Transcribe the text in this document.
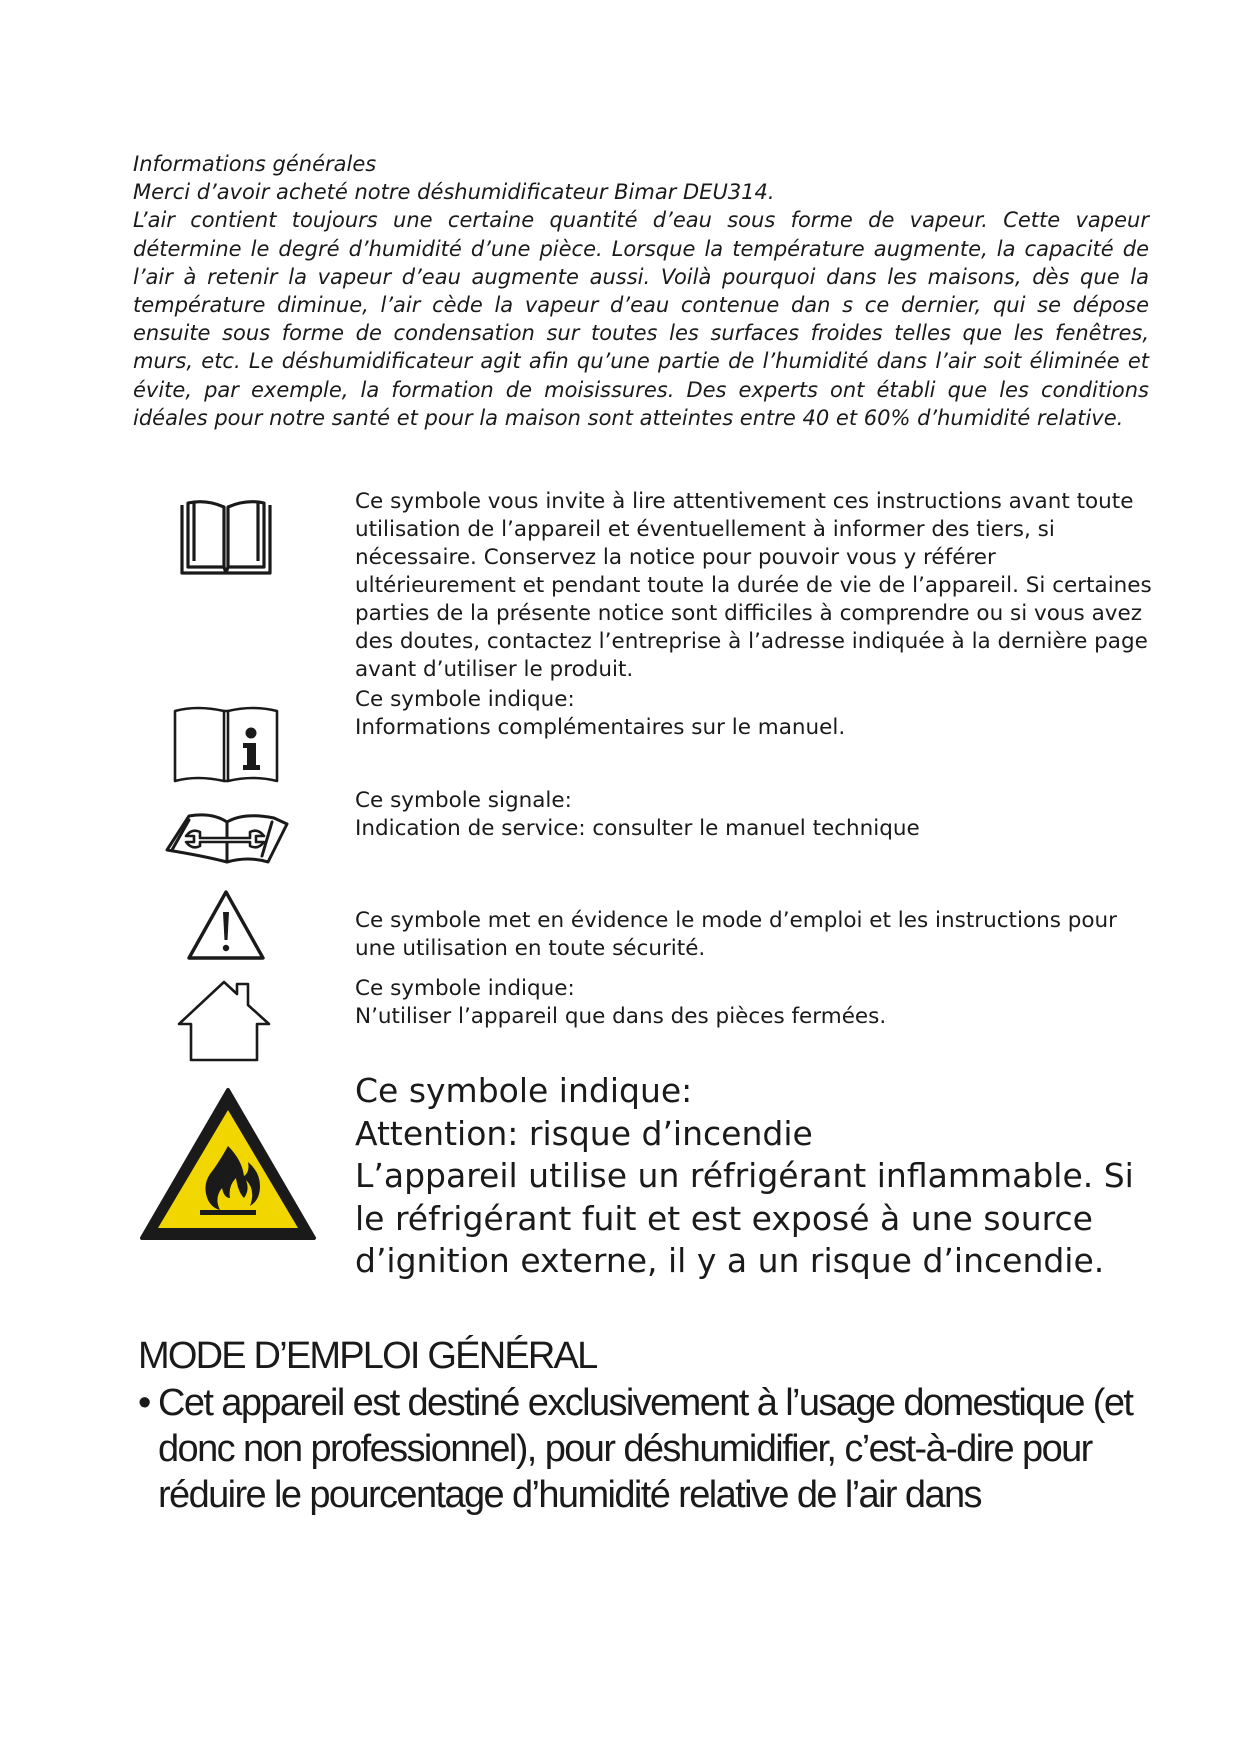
Informations générales

Merci d’avoir acheté notre déshumidificateur Bimar DEU314.

L’air contient toujours une certaine quantité d’eau sous forme de vapeur. Cette vapeur détermine le degré d’humidité d’une pièce. Lorsque la température augmente, la capacité de l’air à retenir la vapeur d’eau augmente aussi. Voilà pourquoi dans les maisons, dès que la température diminue, l’air cède la vapeur d’eau contenue dan s ce dernier, qui se dépose ensuite sous forme de condensation sur toutes les surfaces froides telles que les fenêtres, murs, etc. Le déshumidificateur agit afin qu’une partie de l’humidité dans l’air soit éliminée et évite, par exemple, la formation de moisissures. Des experts ont établi que les conditions idéales pour notre santé et pour la maison sont atteintes entre 40 et 60% d’humidité relative.

Ce symbole vous invite à lire attentivement ces instructions avant toute utilisation de l’appareil et éventuellement à informer des tiers, si nécessaire. Conservez la notice pour pouvoir vous y référer ultérieurement et pendant toute la durée de vie de l’appareil. Si certaines parties de la présente notice sont difficiles à comprendre ou si vous avez des doutes, contactez l’entreprise à l’adresse indiquée à la dernière page avant d’utiliser le produit.

Ce symbole indique:

Informations complémentaires sur le manuel.

Ce symbole signale:

Indication de service: consulter le manuel technique

Ce symbole met en évidence le mode d’emploi et les instructions pour une utilisation en toute sécurité.

Ce symbole indique:

N’utiliser l’appareil que dans des pièces fermées.

Ce symbole indique:

Attention: risque d’incendie

L’appareil utilise un réfrigérant inflammable. Si le réfrigérant fuit et est exposé à une source d’ignition externe, il y a un risque d’incendie.

MODE D’EMPLOI GÉNÉRAL
• Cet appareil est destiné exclusivement à l’usage domestique (et donc non professionnel), pour déshumidifier, c’est-à-dire pour réduire le pourcentage d’humidité relative de l’air dans
